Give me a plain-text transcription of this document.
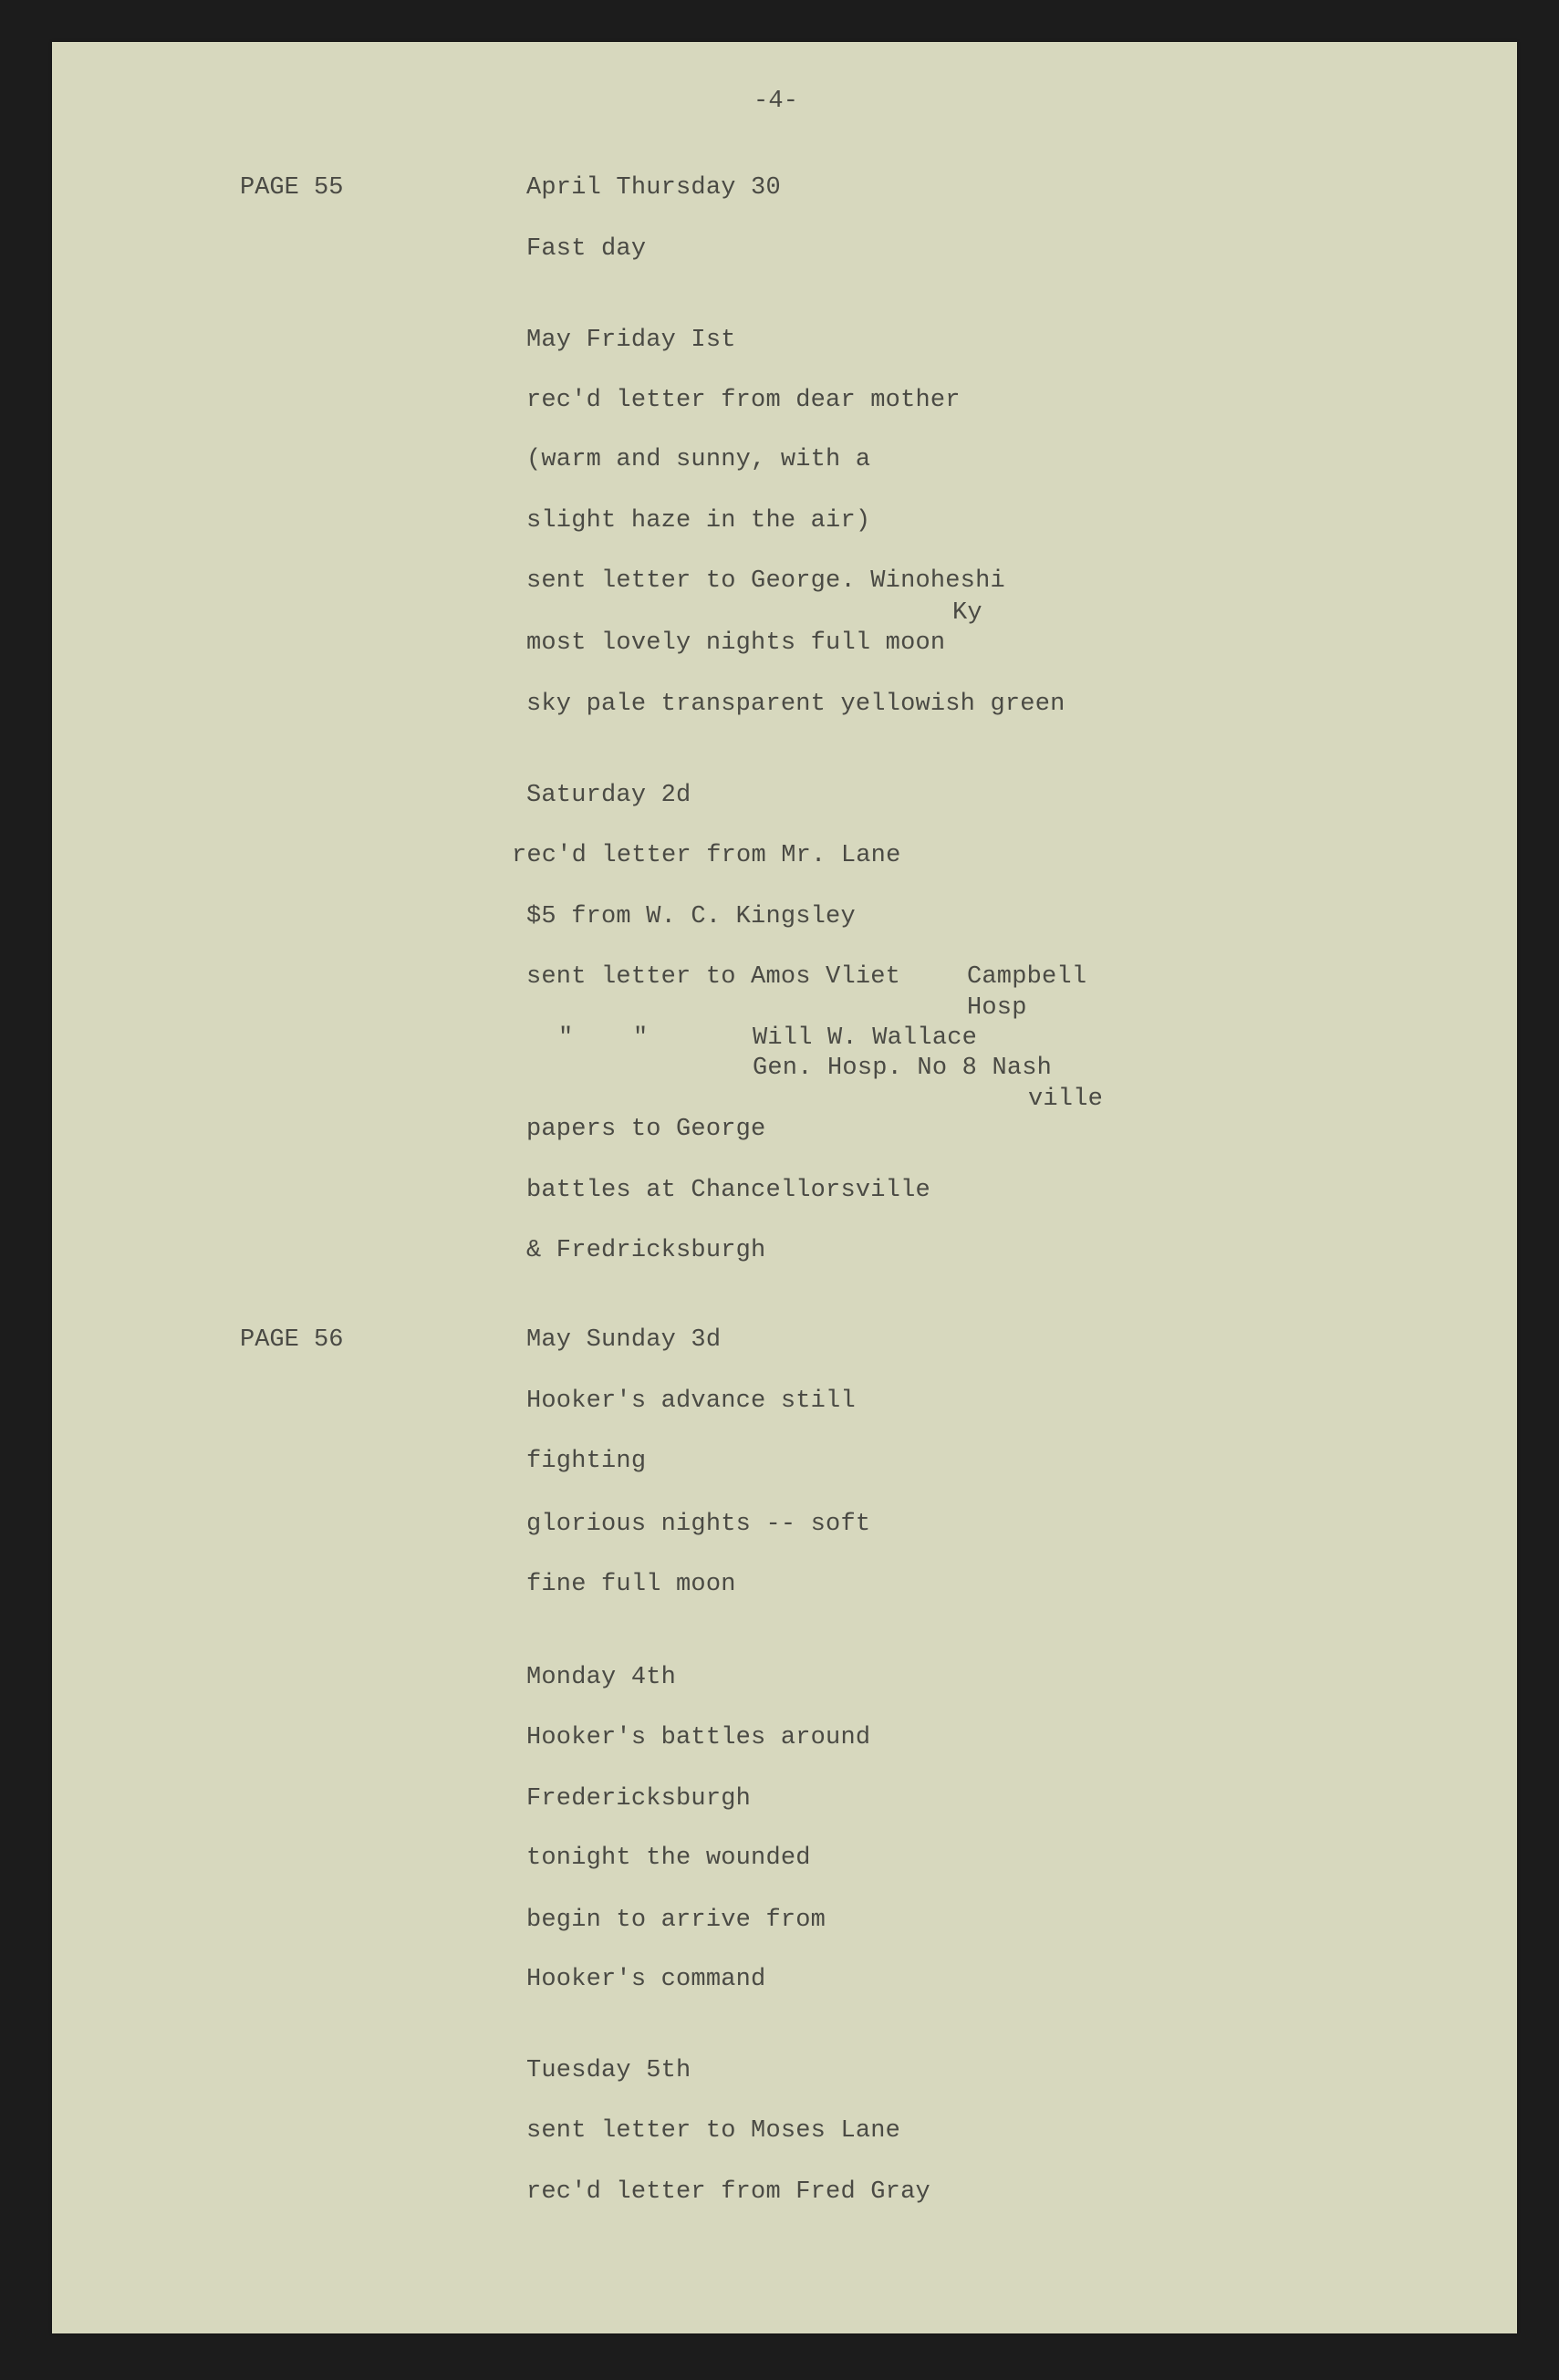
-4-
PAGE 55
PAGE 56
April Thursday 30
Fast day
May Friday Ist
rec'd letter from dear mother
(warm and sunny, with a
slight haze in the air)
sent letter to George. Winoheshi
Ky
most lovely nights full moon
sky pale transparent yellowish green
Saturday 2d
rec'd letter from Mr. Lane
$5 from W. C. Kingsley
sent letter to Amos Vliet	Campbell
Hosp
"    "	Will W. Wallace
Gen. Hosp. No 8 Nash
ville
papers to George
battles at Chancellorsville
& Fredricksburgh
May Sunday 3d
Hooker's advance still
fighting
glorious nights -- soft
fine full moon
Monday 4th
Hooker's battles around
Fredericksburgh
tonight the wounded
begin to arrive from
Hooker's command
Tuesday 5th
sent letter to Moses Lane
rec'd letter from Fred Gray
